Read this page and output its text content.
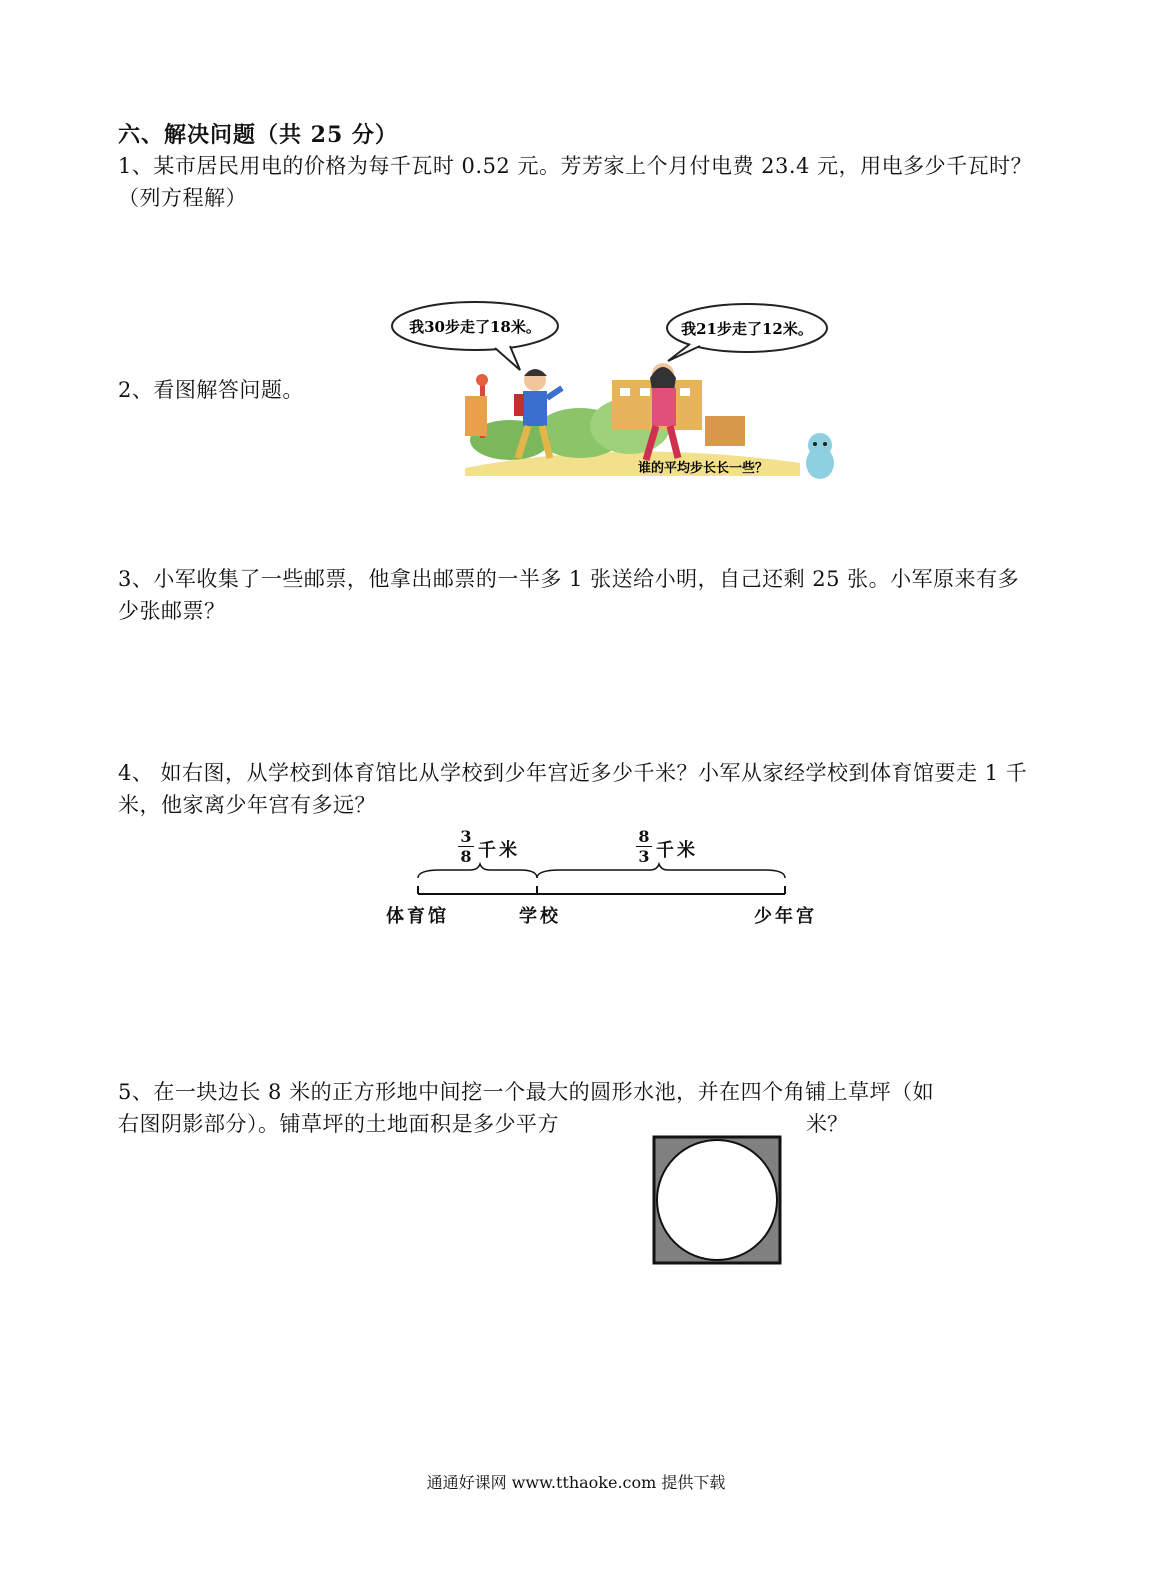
六、解决问题（共 25 分）
1、某市居民用电的价格为每千瓦时 0.52 元。芳芳家上个月付电费 23.4 元，用电多少千瓦时？（列方程解）
2、看图解答问题。
我30步走了18米。	我21步走了12米。
谁的平均步长长一些？
3、小军收集了一些邮票，他拿出邮票的一半多 1 张送给小明，自己还剩 25 张。小军原来有多少张邮票？
4、 如右图，从学校到体育馆比从学校到少年宫近多少千米？小军从家经学校到体育馆要走 1 千米，他家离少年宫有多远？
3
8 千米
8
3 千米
体育馆	学校	少年宫
5、在一块边长 8 米的正方形地中间挖一个最大的圆形水池，并在四个角铺上草坪（如
右图阴影部分）。铺草坪的土地面积是多少平方	米？
通通好课网 www.tthaoke.com 提供下载
